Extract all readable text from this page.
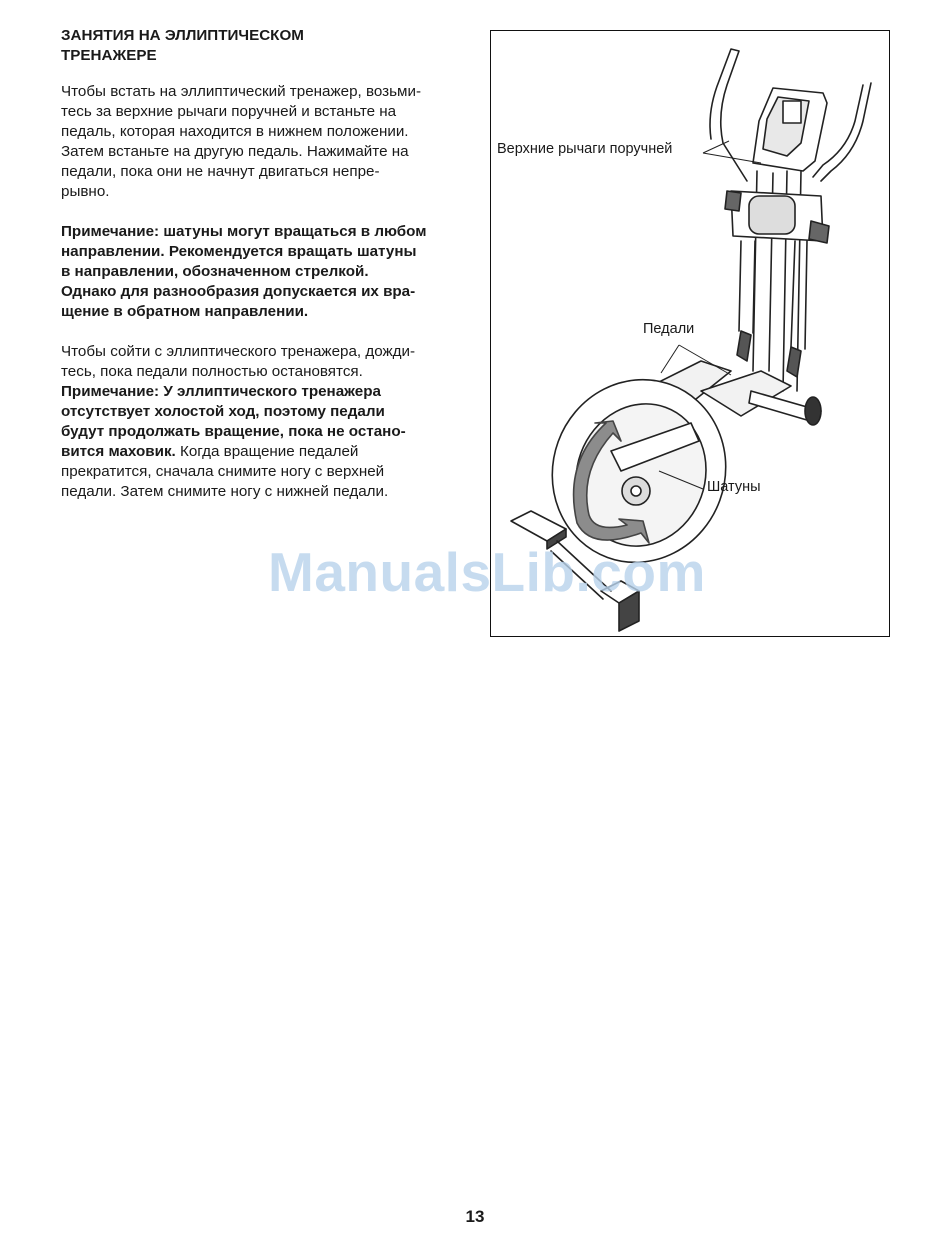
ЗАНЯТИЯ НА ЭЛЛИПТИЧЕСКОМ
ТРЕНАЖЕРЕ

Чтобы встать на эллиптический тренажер, возьми-
тесь за верхние рычаги поручней и встаньте на
педаль, которая находится в нижнем положении.
Затем встаньте на другую педаль. Нажимайте на
педали, пока они не начнут двигаться непре-
рывно.

Примечание: шатуны могут вращаться в любом
направлении. Рекомендуется вращать шатуны
в направлении, обозначенном стрелкой.
Однако для разнообразия допускается их вра-
щение в обратном направлении.

Чтобы сойти с эллиптического тренажера, дожди-
тесь, пока педали полностью остановятся.
Примечание: У эллиптического тренажера
отсутствует холостой ход, поэтому педали
будут продолжать вращение, пока не остано-
вится маховик. Когда вращение педалей
прекратится, сначала снимите ногу с верхней
педали. Затем снимите ногу с нижней педали.

Верхние рычаги поручней
Педали
Шатуны
ManualsLib.com
13
